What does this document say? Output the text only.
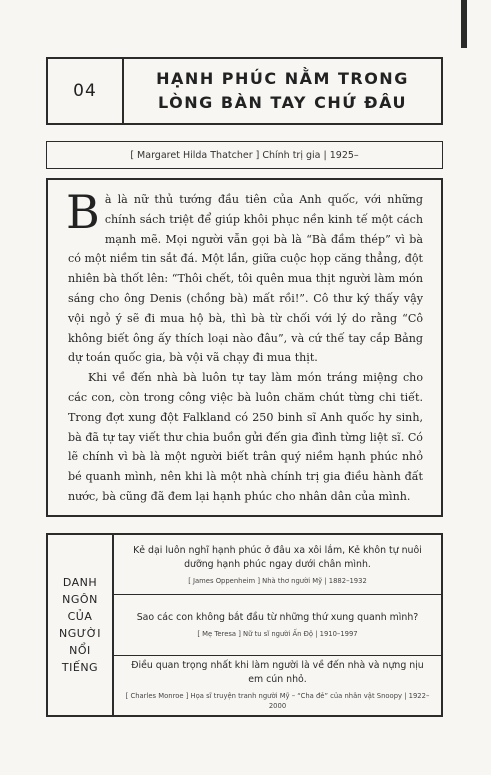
04
HẠNH PHÚC NẰM TRONG
LÒNG BÀN TAY CHỨ ĐÂU
[ Margaret Hilda Thatcher ] Chính trị gia | 1925–

Bà là nữ thủ tướng đầu tiên của Anh quốc, với những chính sách triệt để giúp khôi phục nền kinh tế một cách mạnh mẽ. Mọi người vẫn gọi bà là “Bà đầm thép” vì bà có một niềm tin sắt đá. Một lần, giữa cuộc họp căng thẳng, đột nhiên bà thốt lên: “Thôi chết, tôi quên mua thịt người làm món sáng cho ông Denis (chồng bà) mất rồi!”. Cô thư ký thấy vậy vội ngỏ ý sẽ đi mua hộ bà, thì bà từ chối với lý do rằng “Cô không biết ông ấy thích loại nào đâu”, và cứ thế tay cắp Bảng dự toán quốc gia, bà vội vã chạy đi mua thịt.

Khi về đến nhà bà luôn tự tay làm món tráng miệng cho các con, còn trong công việc bà luôn chăm chút từng chi tiết. Trong đợt xung đột Falkland có 250 binh sĩ Anh quốc hy sinh, bà đã tự tay viết thư chia buồn gửi đến gia đình từng liệt sĩ. Có lẽ chính vì bà là một người biết trân quý niềm hạnh phúc nhỏ bé quanh mình, nên khi là một nhà chính trị gia điều hành đất nước, bà cũng đã đem lại hạnh phúc cho nhân dân của mình.

DANH
NGÔN
CỦA
NGƯỜI
NỔI
TIẾNG
Kẻ dại luôn nghĩ hạnh phúc ở đâu xa xôi lắm, Kẻ khôn tự nuôi dưỡng hạnh phúc ngay dưới chân mình.
[ James Oppenheim ] Nhà thơ người Mỹ | 1882–1932
Sao các con không bắt đầu từ những thứ xung quanh mình?
[ Mẹ Teresa ] Nữ tu sĩ người Ấn Độ | 1910–1997
Điều quan trọng nhất khi làm người là về đến nhà và nựng nịu em cún nhỏ.
[ Charles Monroe ] Họa sĩ truyện tranh người Mỹ – “Cha đẻ” của nhân vật Snoopy | 1922–2000
